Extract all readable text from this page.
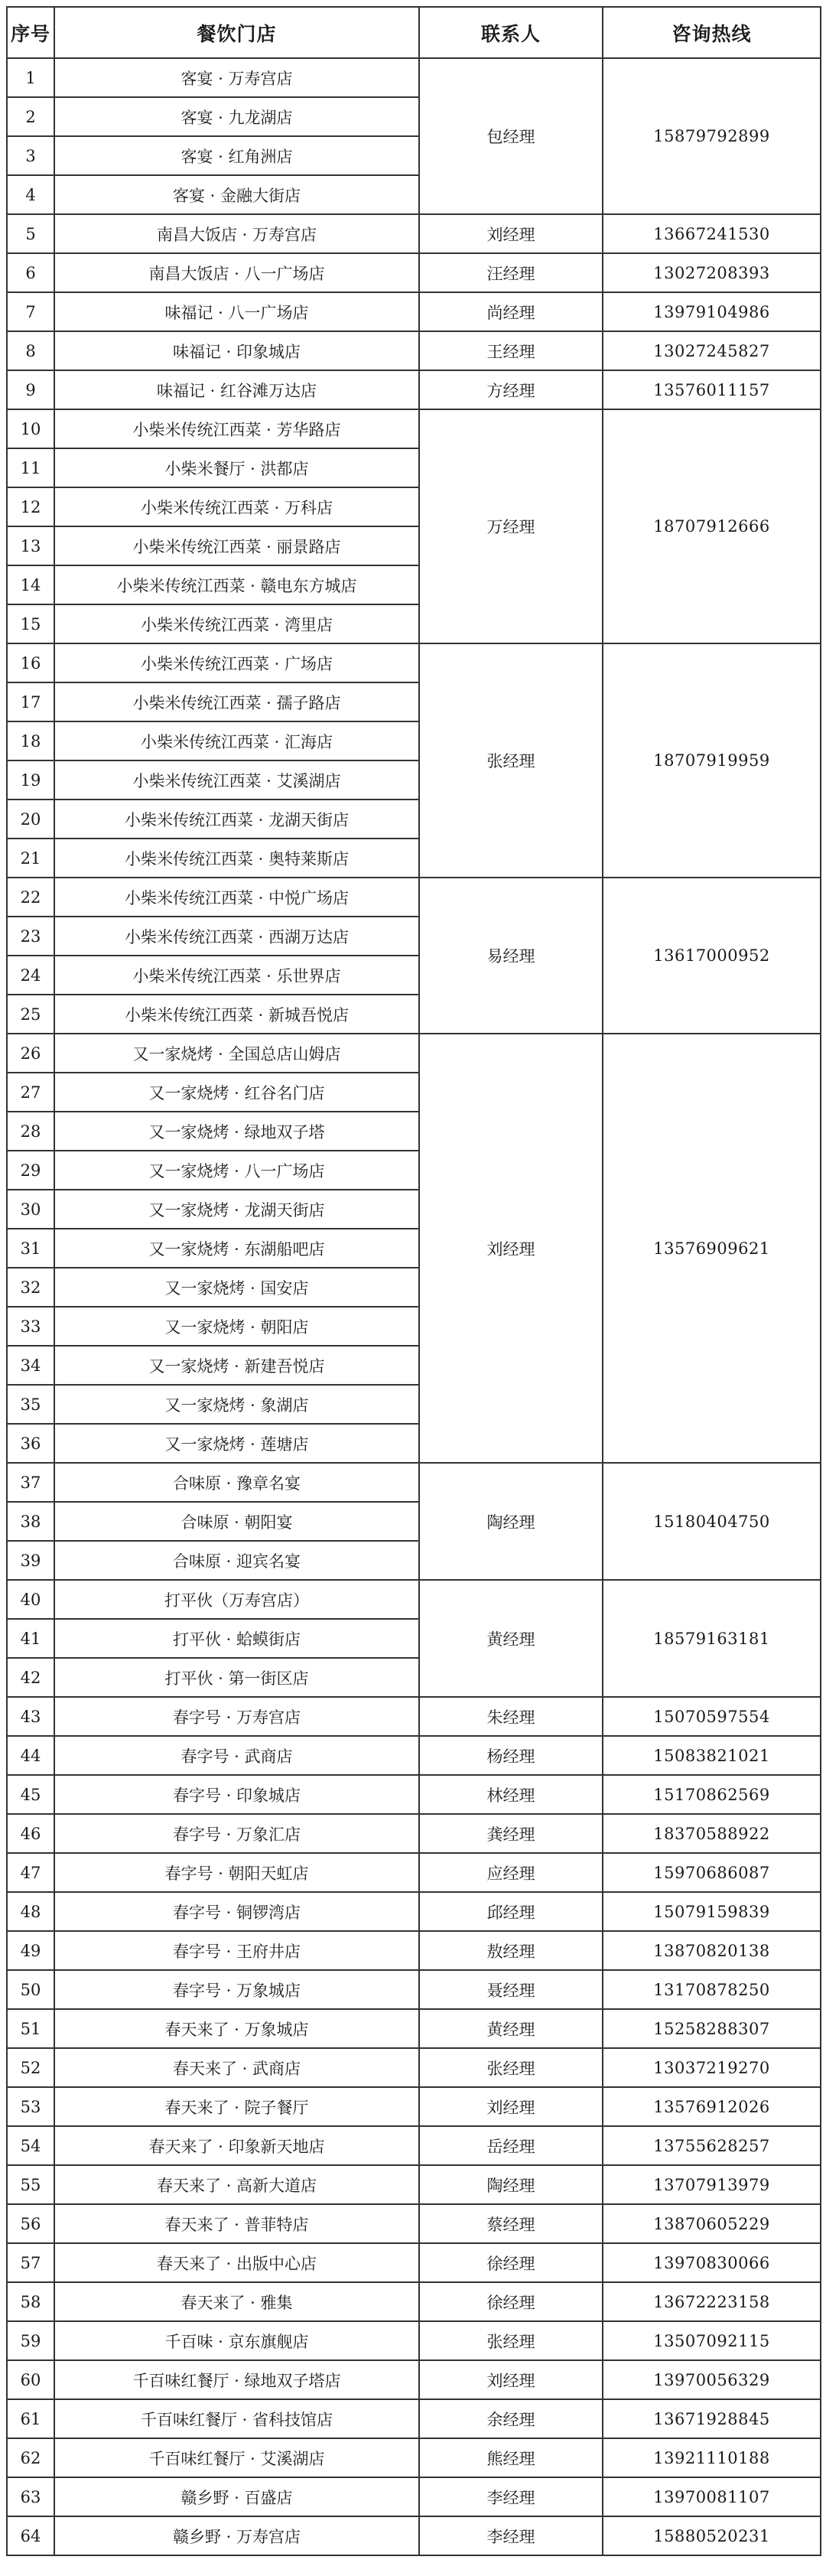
序号	餐饮门店	联系人	咨询热线
1	客宴 · 万寿宫店	包经理	15879792899
2	客宴 · 九龙湖店		
3	客宴 · 红角洲店		
4	客宴 · 金融大街店		
5	南昌大饭店 · 万寿宫店	刘经理	13667241530
6	南昌大饭店 · 八一广场店	汪经理	13027208393
7	味福记 · 八一广场店	尚经理	13979104986
8	味福记 · 印象城店	王经理	13027245827
9	味福记 · 红谷滩万达店	方经理	13576011157
10	小柴米传统江西菜 · 芳华路店	万经理	18707912666
11	小柴米餐厅 · 洪都店		
12	小柴米传统江西菜 · 万科店		
13	小柴米传统江西菜 · 丽景路店		
14	小柴米传统江西菜 · 赣电东方城店		
15	小柴米传统江西菜 · 湾里店		
16	小柴米传统江西菜 · 广场店	张经理	18707919959
17	小柴米传统江西菜 · 孺子路店		
18	小柴米传统江西菜 · 汇海店		
19	小柴米传统江西菜 · 艾溪湖店		
20	小柴米传统江西菜 · 龙湖天街店		
21	小柴米传统江西菜 · 奥特莱斯店		
22	小柴米传统江西菜 · 中悦广场店	易经理	13617000952
23	小柴米传统江西菜 · 西湖万达店		
24	小柴米传统江西菜 · 乐世界店		
25	小柴米传统江西菜 · 新城吾悦店		
26	又一家烧烤 · 全国总店山姆店	刘经理	13576909621
27	又一家烧烤 · 红谷名门店		
28	又一家烧烤 · 绿地双子塔		
29	又一家烧烤 · 八一广场店		
30	又一家烧烤 · 龙湖天街店		
31	又一家烧烤 · 东湖船吧店		
32	又一家烧烤 · 国安店		
33	又一家烧烤 · 朝阳店		
34	又一家烧烤 · 新建吾悦店		
35	又一家烧烤 · 象湖店		
36	又一家烧烤 · 莲塘店		
37	合味原 · 豫章名宴	陶经理	15180404750
38	合味原 · 朝阳宴		
39	合味原 · 迎宾名宴		
40	打平伙（万寿宫店）	黄经理	18579163181
41	打平伙 · 蛤蟆街店		
42	打平伙 · 第一街区店		
43	春字号 · 万寿宫店	朱经理	15070597554
44	春字号 · 武商店	杨经理	15083821021
45	春字号 · 印象城店	林经理	15170862569
46	春字号 · 万象汇店	龚经理	18370588922
47	春字号 · 朝阳天虹店	应经理	15970686087
48	春字号 · 铜锣湾店	邱经理	15079159839
49	春字号 · 王府井店	敖经理	13870820138
50	春字号 · 万象城店	聂经理	13170878250
51	春天来了 · 万象城店	黄经理	15258288307
52	春天来了 · 武商店	张经理	13037219270
53	春天来了 · 院子餐厅	刘经理	13576912026
54	春天来了 · 印象新天地店	岳经理	13755628257
55	春天来了 · 高新大道店	陶经理	13707913979
56	春天来了 · 普菲特店	蔡经理	13870605229
57	春天来了 · 出版中心店	徐经理	13970830066
58	春天来了 · 雅集	徐经理	13672223158
59	千百味 · 京东旗舰店	张经理	13507092115
60	千百味红餐厅 · 绿地双子塔店	刘经理	13970056329
61	千百味红餐厅 · 省科技馆店	余经理	13671928845
62	千百味红餐厅 · 艾溪湖店	熊经理	13921110188
63	赣乡野 · 百盛店	李经理	13970081107
64	赣乡野 · 万寿宫店	李经理	15880520231
